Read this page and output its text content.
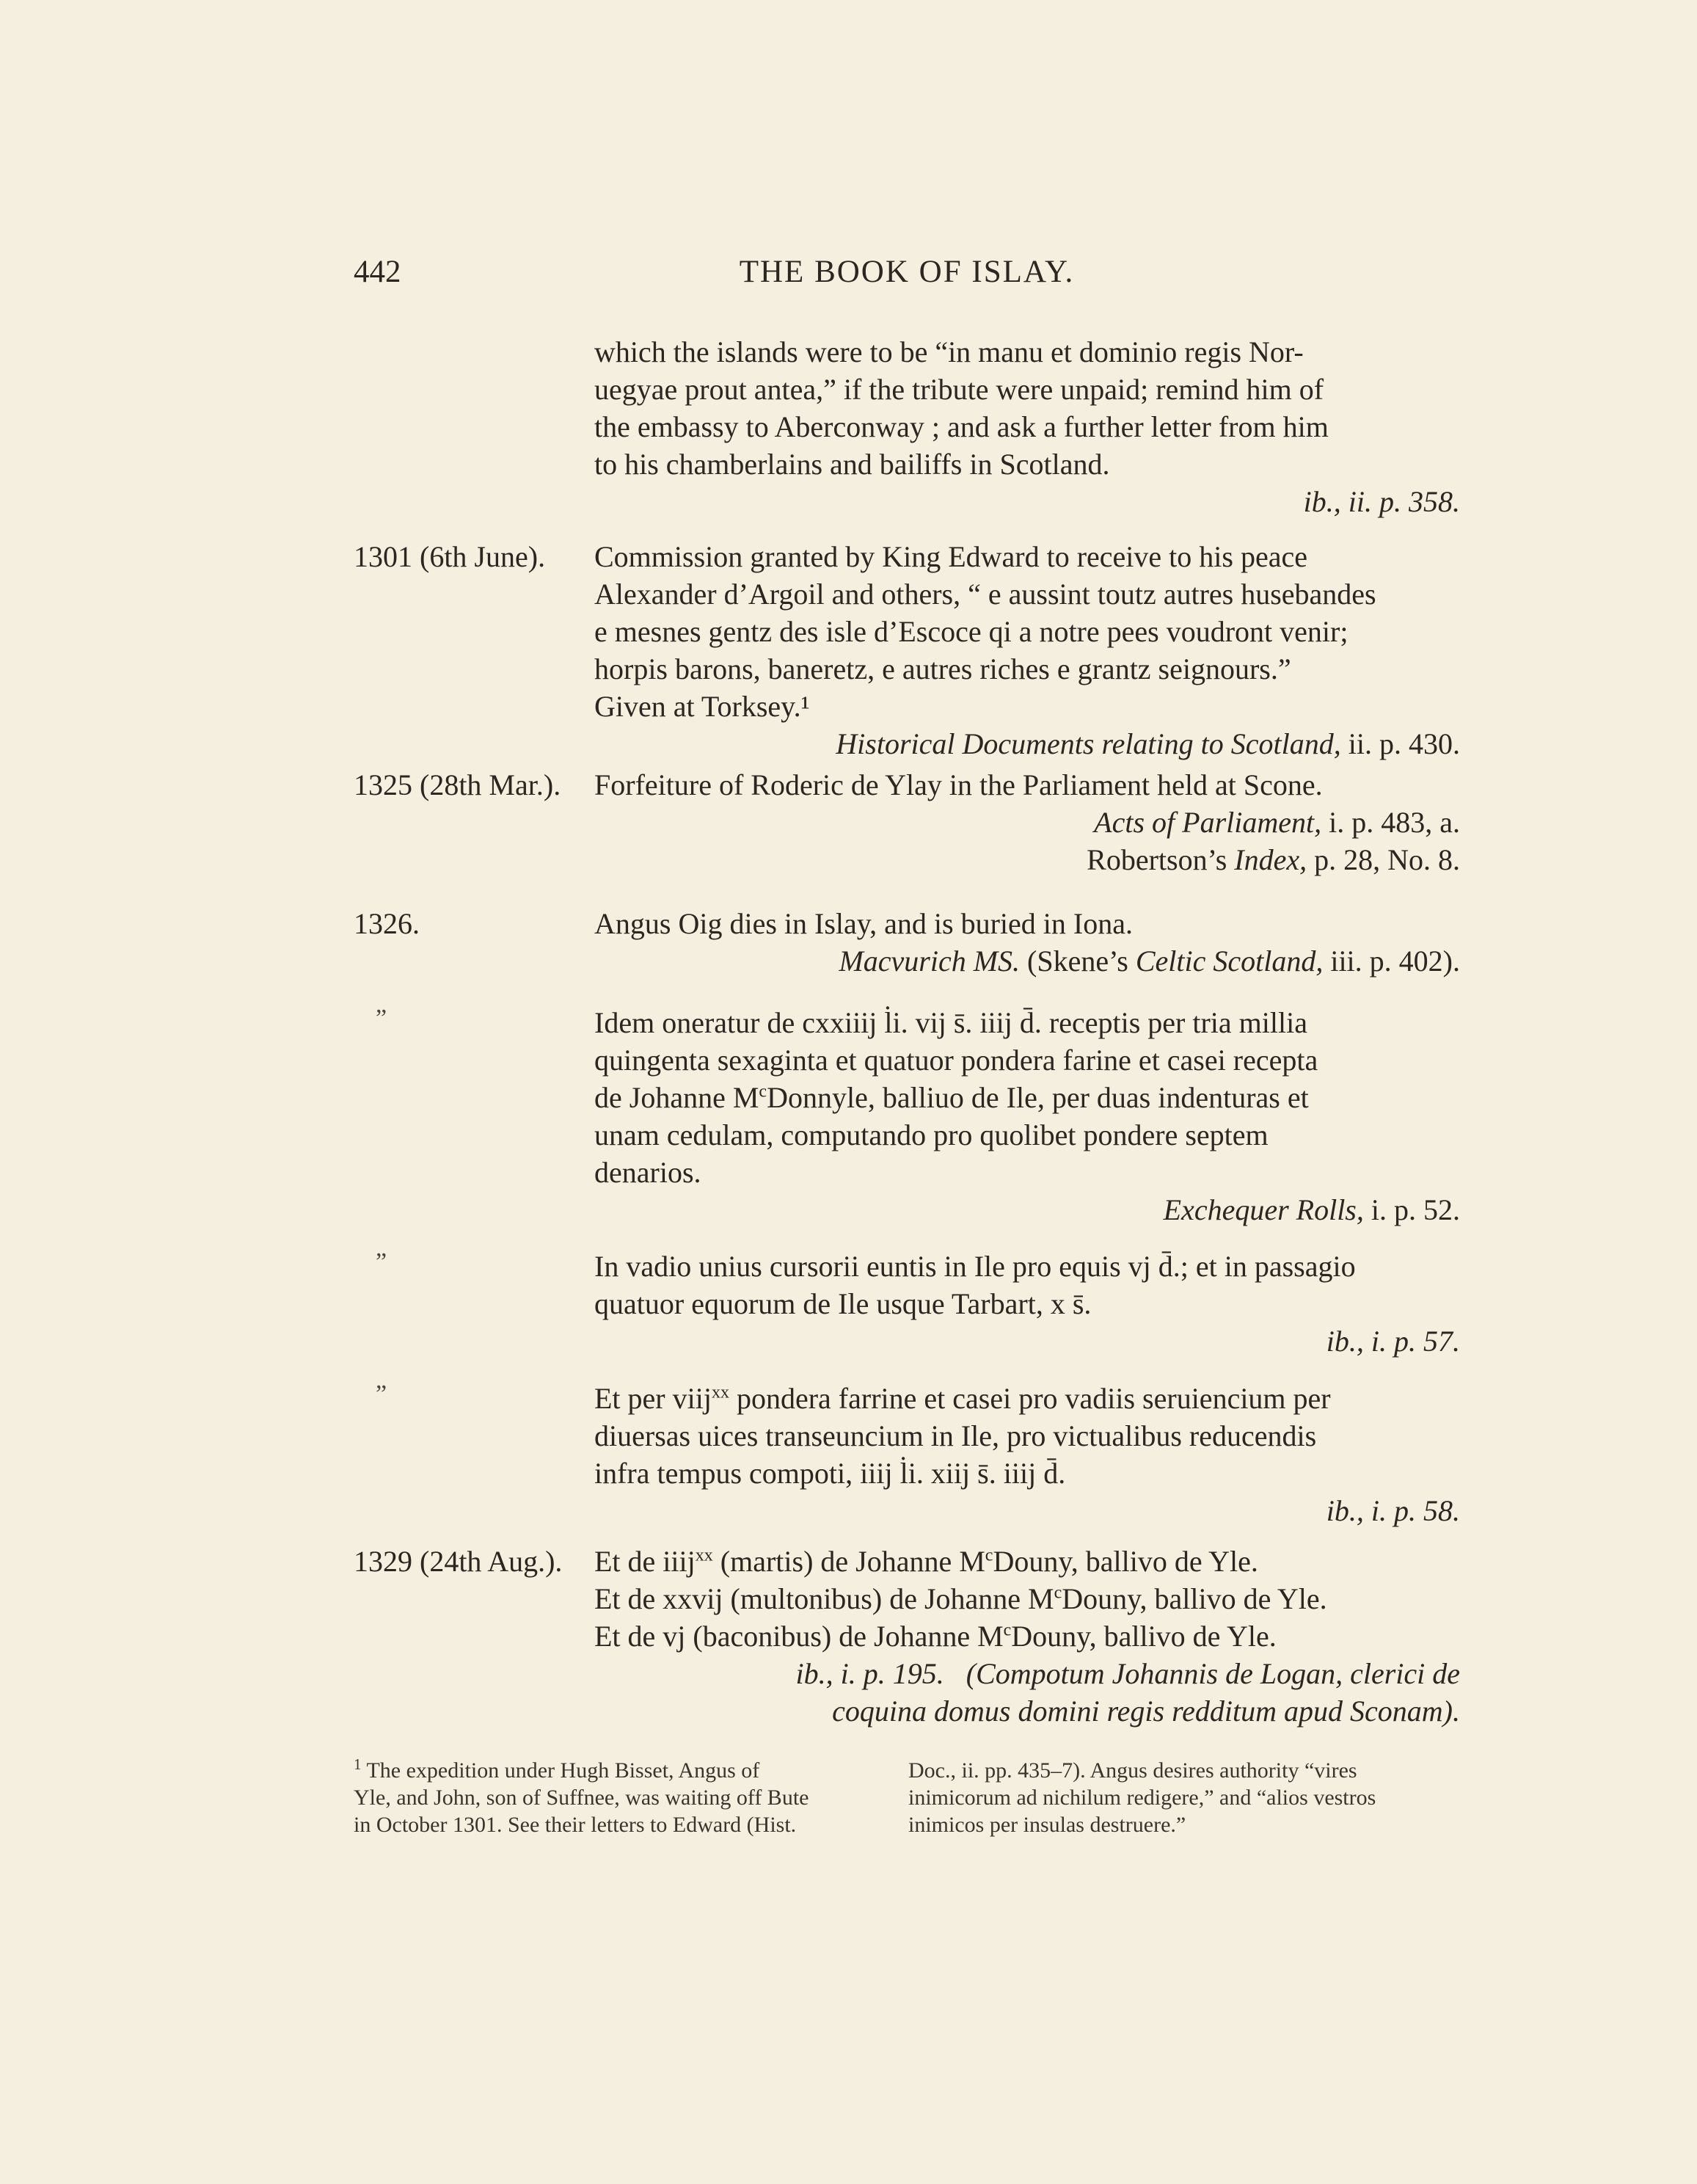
442	THE BOOK OF ISLAY.
which the islands were to be “in manu et dominio regis Nor-
uegyae prout antea,” if the tribute were unpaid; remind him of
the embassy to Aberconway ; and ask a further letter from him
to his chamberlains and bailiffs in Scotland.
ib., ii. p. 358.
1301 (6th June). Commission granted by King Edward to receive to his peace
Alexander d’Argoil and others, “ e aussint toutz autres husebandes
e mesnes gentz des isle d’Escoce qi a notre pees voudront venir;
horpis barons, baneretz, e autres riches e grantz seignours.”
Given at Torksey.¹
Historical Documents relating to Scotland, ii. p. 430.
1325 (28th Mar.). Forfeiture of Roderic de Ylay in the Parliament held at Scone.
Acts of Parliament, i. p. 483, a.
Robertson’s Index, p. 28, No. 8.
1326.	Angus Oig dies in Islay, and is buried in Iona.
Macvurich MS. (Skene’s Celtic Scotland, iii. p. 402).
”	Idem oneratur de cxxiiij l̇i. vij s̄. iiij d̄. receptis per tria millia
quingenta sexaginta et quatuor pondera farine et casei recepta
de Johanne $M^cDonnyle$, balliuo de Ile, per duas indenturas et
unam cedulam, computando pro quolibet pondere septem
denarios.
Exchequer Rolls, i. p. 52.
”	In vadio unius cursorii euntis in Ile pro equis vj d̄.; et in passagio
quatuor equorum de Ile usque Tarbart, x s̄.
ib., i. p. 57.
”	Et per viij$^{xx}$ pondera farrine et casei pro vadiis seruiencium per
diuersas uices transeuncium in Ile, pro victualibus reducendis
infra tempus compoti, iiij l̇i. xiij s̄. iiij d̄.
ib., i. p. 58.
1329 (24th Aug.). Et de iiij$^{xx}$ (martis) de Johanne $M^cDouny$, ballivo de Yle.
Et de xxvij (multonibus) de Johanne $M^cDouny$, ballivo de Yle.
Et de vj (baconibus) de Johanne $M^cDouny$, ballivo de Yle.
ib., i. p. 195. (Compotum Johannis de Logan, clerici de
coquina domus domini regis redditum apud Sconam).
$^1$ The expedition under Hugh Bisset, Angus of
Yle, and John, son of Suffnee, was waiting off Bute
in October 1301. See their letters to Edward (Hist.
Doc., ii. pp. 435–7). Angus desires authority “vires
inimicorum ad nichilum redigere,” and “alios vestros
inimicos per insulas destruere.”
